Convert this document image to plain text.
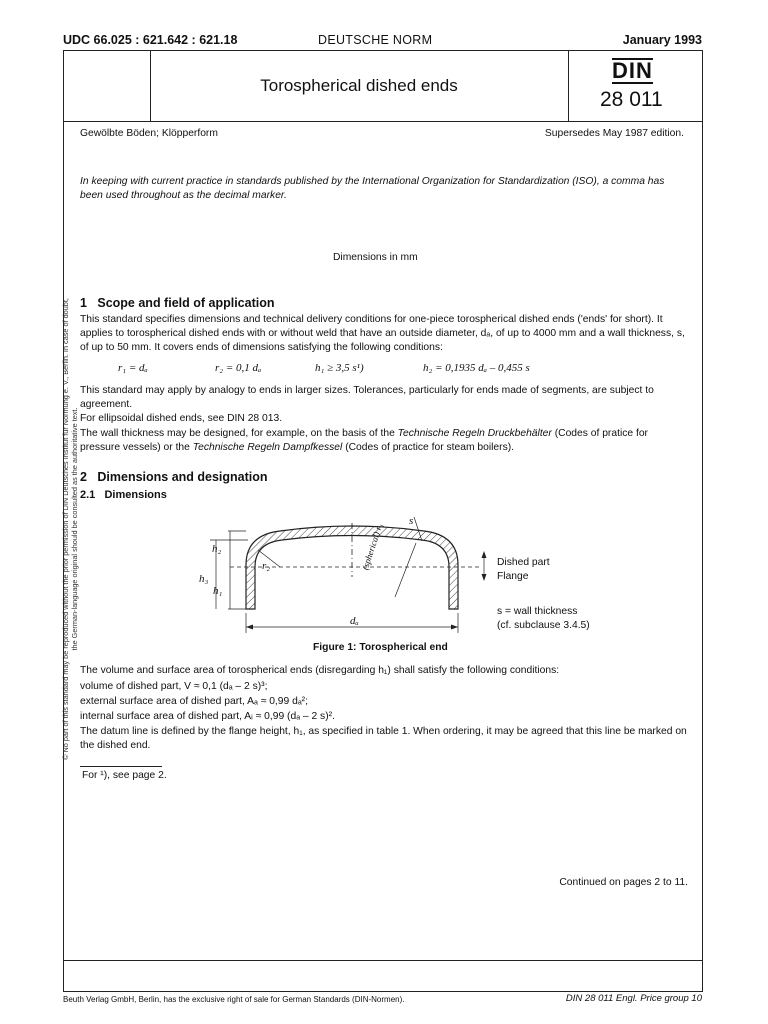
UDC 66.025 : 621.642 : 621.18	DEUTSCHE NORM	January 1993
Torospherical dished ends
DIN
28 011
Gewölbte Böden; Klöpperform	Supersedes May 1987 edition.
In keeping with current practice in standards published by the International Organization for Standardization (ISO), a comma has been used throughout as the decimal marker.
Dimensions in mm
1 Scope and field of application
This standard specifies dimensions and technical delivery conditions for one-piece torospherical dished ends ('ends' for short). It applies to torospherical dished ends with or without weld that have an outside diameter, dₐ, of up to 4000 mm and a wall thickness, s, of up to 50 mm. It covers ends of dimensions satisfying the following conditions:
r₁ = dₐ	r₂ = 0,1 dₐ	h₁ ≥ 3,5 s¹)	h₂ = 0,1935 dₐ – 0,455 s
This standard may apply by analogy to ends in larger sizes. Tolerances, particularly for ends made of segments, are subject to agreement.
For ellipsoidal dished ends, see DIN 28 013.
The wall thickness may be designed, for example, on the basis of the Technische Regeln Druckbehälter (Codes of pratice for pressure vessels) or the Technische Regeln Dampfkessel (Codes of practice for steam boilers).
2 Dimensions and designation
2.1 Dimensions
s
h₂
h₃
h₁
r₂	(spherical) r₁
dₐ
Dished part
Flange
s = wall thickness
(cf. subclause 3.4.5)
Figure 1: Torospherical end
The volume and surface area of torospherical ends (disregarding h₁) shall satisfy the following conditions:
volume of dished part, V ≈ 0,1 (dₐ – 2 s)³;
external surface area of dished part, Aₐ ≈ 0,99 dₐ²;
internal surface area of dished part, Aᵢ ≈ 0,99 (dₐ – 2 s)².
The datum line is defined by the flange height, h₁, as specified in table 1. When ordering, it may be agreed that this line be marked on the dished end.
For ¹), see page 2.
Continued on pages 2 to 11.
Beuth Verlag GmbH, Berlin, has the exclusive right of sale for German Standards (DIN-Normen).	DIN 28 011 Engl. Price group 10
© No part of this standard may be reproduced without the prior permission of DIN Deutsches Institut für Normung e. V., Berlin. In case of doubt, the German-language original should be consulted as the authoritative text.
